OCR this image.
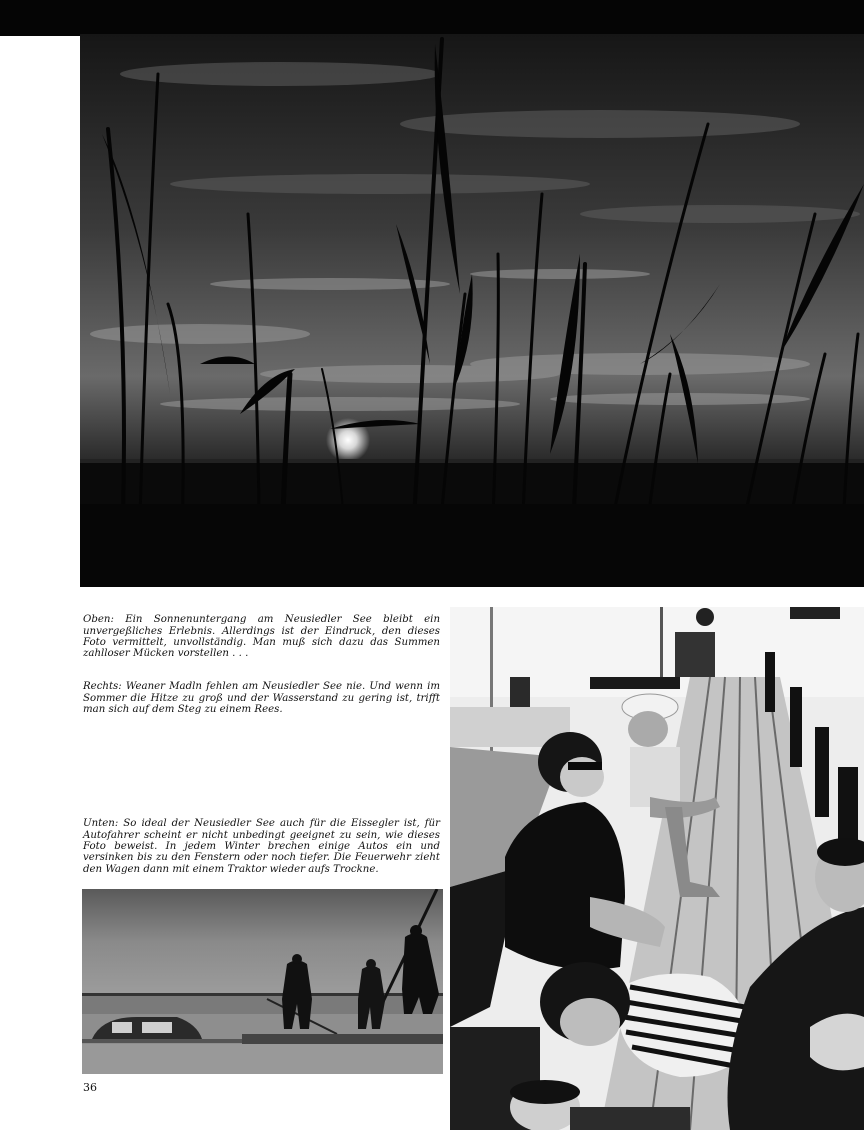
Oben: Ein Sonnenuntergang am Neusiedler See bleibt ein unvergeßliches Erlebnis. Allerdings ist der Eindruck, den dieses Foto vermittelt, unvollständig. Man muß sich dazu das Summen zahlloser Mücken vorstellen . . .

Rechts: Weaner Madln fehlen am Neusiedler See nie. Und wenn im Sommer die Hitze zu groß und der Wasserstand zu gering ist, trifft man sich auf dem Steg zu einem Rees.

Unten: So ideal der Neusiedler See auch für die Eissegler ist, für Autofahrer scheint er nicht unbedingt geeignet zu sein, wie dieses Foto beweist. In jedem Winter brechen einige Autos ein und versinken bis zu den Fenstern oder noch tiefer. Die Feuerwehr zieht den Wagen dann mit einem Traktor wieder aufs Trockne.

36
